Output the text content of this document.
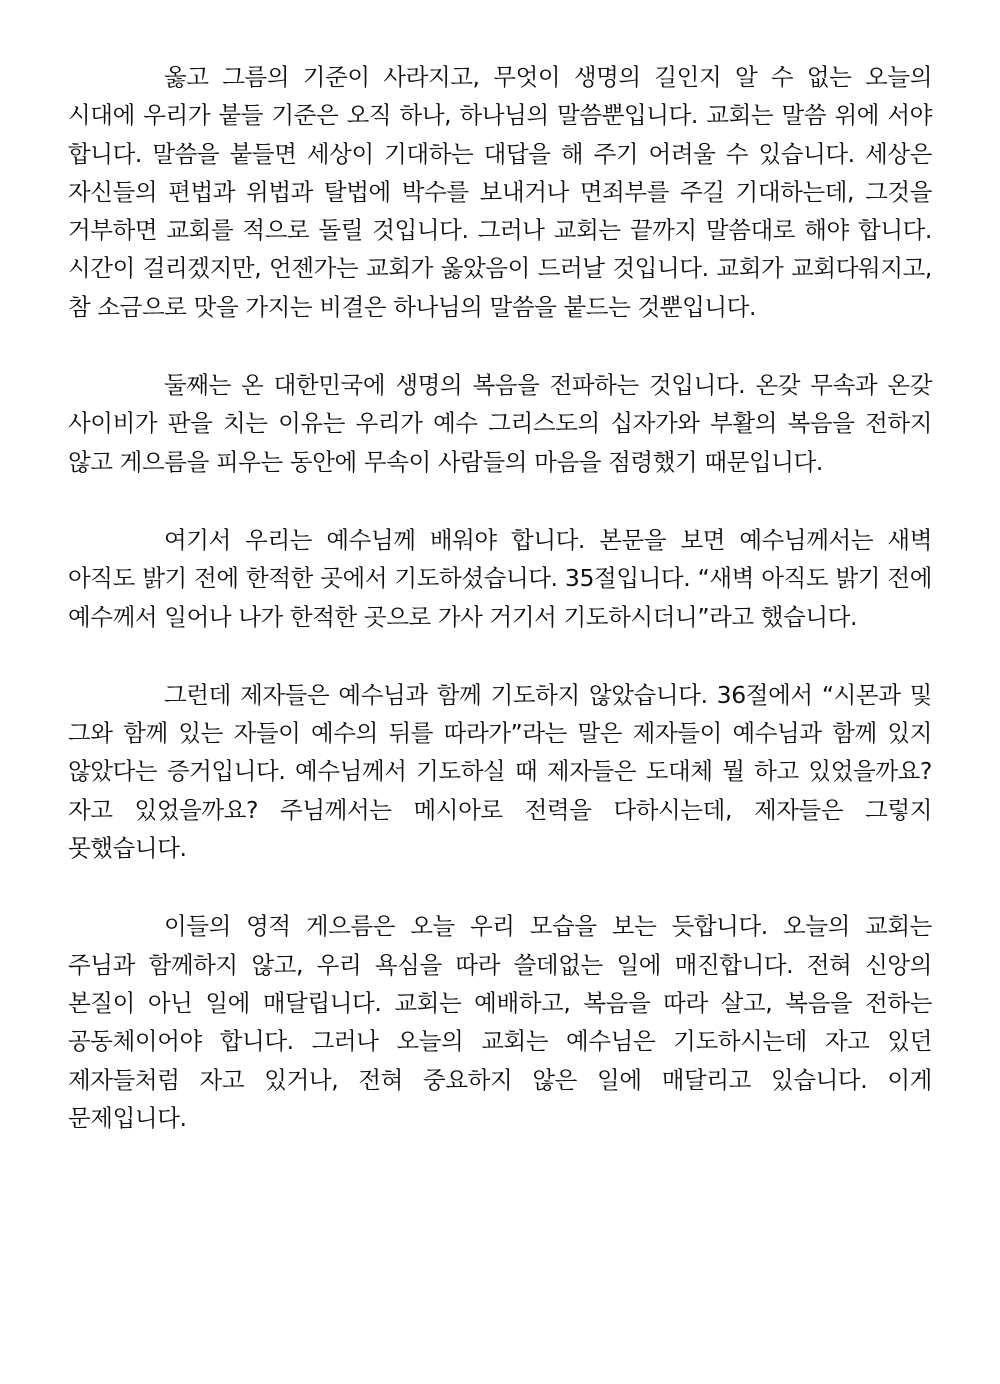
옳고 그름의 기준이 사라지고, 무엇이 생명의 길인지 알 수 없는 오늘의 시대에 우리가 붙들 기준은 오직 하나, 하나님의 말씀뿐입니다. 교회는 말씀 위에 서야 합니다. 말씀을 붙들면 세상이 기대하는 대답을 해 주기 어려울 수 있습니다. 세상은 자신들의 편법과 위법과 탈법에 박수를 보내거나 면죄부를 주길 기대하는데, 그것을 거부하면 교회를 적으로 돌릴 것입니다. 그러나 교회는 끝까지 말씀대로 해야 합니다. 시간이 걸리겠지만, 언젠가는 교회가 옳았음이 드러날 것입니다. 교회가 교회다워지고, 참 소금으로 맛을 가지는 비결은 하나님의 말씀을 붙드는 것뿐입니다.

둘째는 온 대한민국에 생명의 복음을 전파하는 것입니다. 온갖 무속과 온갖 사이비가 판을 치는 이유는 우리가 예수 그리스도의 십자가와 부활의 복음을 전하지 않고 게으름을 피우는 동안에 무속이 사람들의 마음을 점령했기 때문입니다.

여기서 우리는 예수님께 배워야 합니다. 본문을 보면 예수님께서는 새벽 아직도 밝기 전에 한적한 곳에서 기도하셨습니다. 35절입니다. “새벽 아직도 밝기 전에 예수께서 일어나 나가 한적한 곳으로 가사 거기서 기도하시더니”라고 했습니다.

그런데 제자들은 예수님과 함께 기도하지 않았습니다. 36절에서 “시몬과 및 그와 함께 있는 자들이 예수의 뒤를 따라가”라는 말은 제자들이 예수님과 함께 있지 않았다는 증거입니다. 예수님께서 기도하실 때 제자들은 도대체 뭘 하고 있었을까요? 자고 있었을까요? 주님께서는 메시아로 전력을 다하시는데, 제자들은 그렇지 못했습니다.

이들의 영적 게으름은 오늘 우리 모습을 보는 듯합니다. 오늘의 교회는 주님과 함께하지 않고, 우리 욕심을 따라 쓸데없는 일에 매진합니다. 전혀 신앙의 본질이 아닌 일에 매달립니다. 교회는 예배하고, 복음을 따라 살고, 복음을 전하는 공동체이어야 합니다. 그러나 오늘의 교회는 예수님은 기도하시는데 자고 있던 제자들처럼 자고 있거나, 전혀 중요하지 않은 일에 매달리고 있습니다. 이게 문제입니다.
